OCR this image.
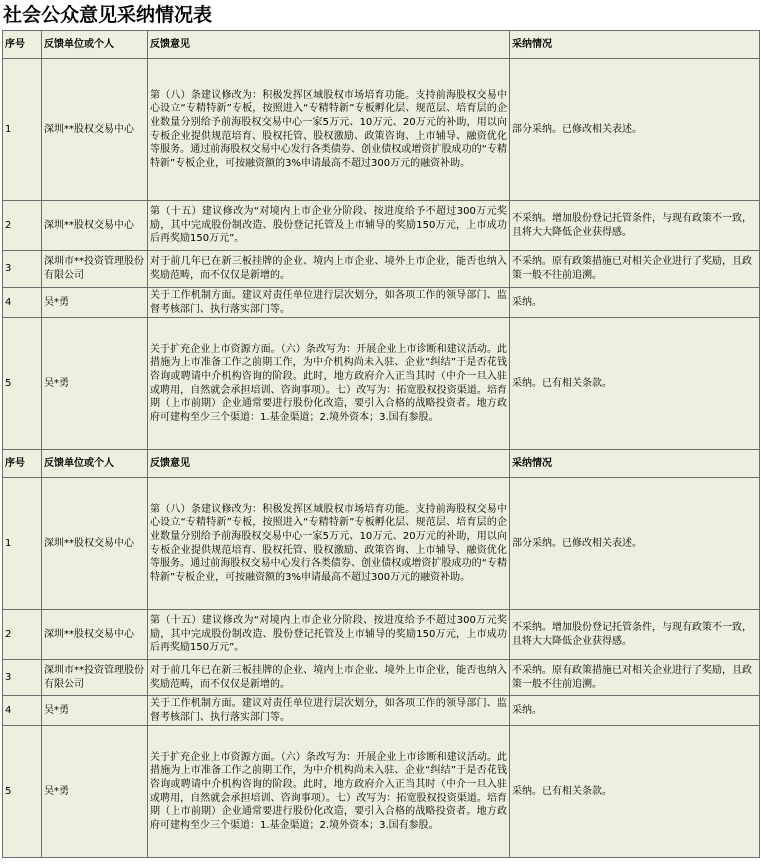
社会公众意见采纳情况表
序号	反馈单位或个人	反馈意见	采纳情况
1	深圳**股权交易中心	第（八）条建议修改为：积极发挥区域股权市场培育功能。支持前海股权交易中心设立“专精特新”专板，按照进入“专精特新”专板孵化层、规范层、培育层的企业数量分别给予前海股权交易中心一家5万元、10万元、20万元的补助，用以向专板企业提供规范培育、股权托管、股权激励、政策咨询、上市辅导、融资优化等服务。通过前海股权交易中心发行各类债券、创业债权或增资扩股成功的“专精特新”专板企业，可按融资额的3%申请最高不超过300万元的融资补助。	部分采纳。已修改相关表述。
2	深圳**股权交易中心	第（十五）建议修改为“对境内上市企业分阶段、按进度给予不超过300万元奖励，其中完成股份制改造、股份登记托管及上市辅导的奖励150万元，上市成功后再奖励150万元”。	不采纳。增加股份登记托管条件，与现有政策不一致，且将大大降低企业获得感。
3	深圳市**投资管理股份有限公司	对于前几年已在新三板挂牌的企业、境内上市企业、境外上市企业，能否也纳入奖励范畴，而不仅仅是新增的。	不采纳。原有政策措施已对相关企业进行了奖励，且政策一般不往前追溯。
4	吴*勇	关于工作机制方面。建议对责任单位进行层次划分，如各项工作的领导部门、监督考核部门、执行落实部门等。	采纳。
5	吴*勇	关于扩充企业上市资源方面。（六）条改写为：开展企业上市诊断和建议活动。此措施为上市准备工作之前期工作，为中介机构尚未入驻、企业“纠结”于是否花钱咨询或聘请中介机构咨询的阶段。此时，地方政府介入正当其时（中介一旦入驻或聘用，自然就会承担培训、咨询事项）。七）改写为：拓宽股权投资渠道。培育期（上市前期）企业通常要进行股份化改造，要引入合格的战略投资者。地方政府可建构至少三个渠道：1.基金渠道；2.境外资本；3.国有参股。	采纳。已有相关条款。
序号	反馈单位或个人	反馈意见	采纳情况
1	深圳**股权交易中心	第（八）条建议修改为：积极发挥区域股权市场培育功能。支持前海股权交易中心设立“专精特新”专板，按照进入“专精特新”专板孵化层、规范层、培育层的企业数量分别给予前海股权交易中心一家5万元、10万元、20万元的补助，用以向专板企业提供规范培育、股权托管、股权激励、政策咨询、上市辅导、融资优化等服务。通过前海股权交易中心发行各类债券、创业债权或增资扩股成功的“专精特新”专板企业，可按融资额的3%申请最高不超过300万元的融资补助。	部分采纳。已修改相关表述。
2	深圳**股权交易中心	第（十五）建议修改为“对境内上市企业分阶段、按进度给予不超过300万元奖励，其中完成股份制改造、股份登记托管及上市辅导的奖励150万元，上市成功后再奖励150万元”。	不采纳。增加股份登记托管条件，与现有政策不一致，且将大大降低企业获得感。
3	深圳市**投资管理股份有限公司	对于前几年已在新三板挂牌的企业、境内上市企业、境外上市企业，能否也纳入奖励范畴，而不仅仅是新增的。	不采纳。原有政策措施已对相关企业进行了奖励，且政策一般不往前追溯。
4	吴*勇	关于工作机制方面。建议对责任单位进行层次划分，如各项工作的领导部门、监督考核部门、执行落实部门等。	采纳。
5	吴*勇	关于扩充企业上市资源方面。（六）条改写为：开展企业上市诊断和建议活动。此措施为上市准备工作之前期工作，为中介机构尚未入驻、企业“纠结”于是否花钱咨询或聘请中介机构咨询的阶段。此时，地方政府介入正当其时（中介一旦入驻或聘用，自然就会承担培训、咨询事项）。七）改写为：拓宽股权投资渠道。培育期（上市前期）企业通常要进行股份化改造，要引入合格的战略投资者。地方政府可建构至少三个渠道：1.基金渠道；2.境外资本；3.国有参股。	采纳。已有相关条款。
